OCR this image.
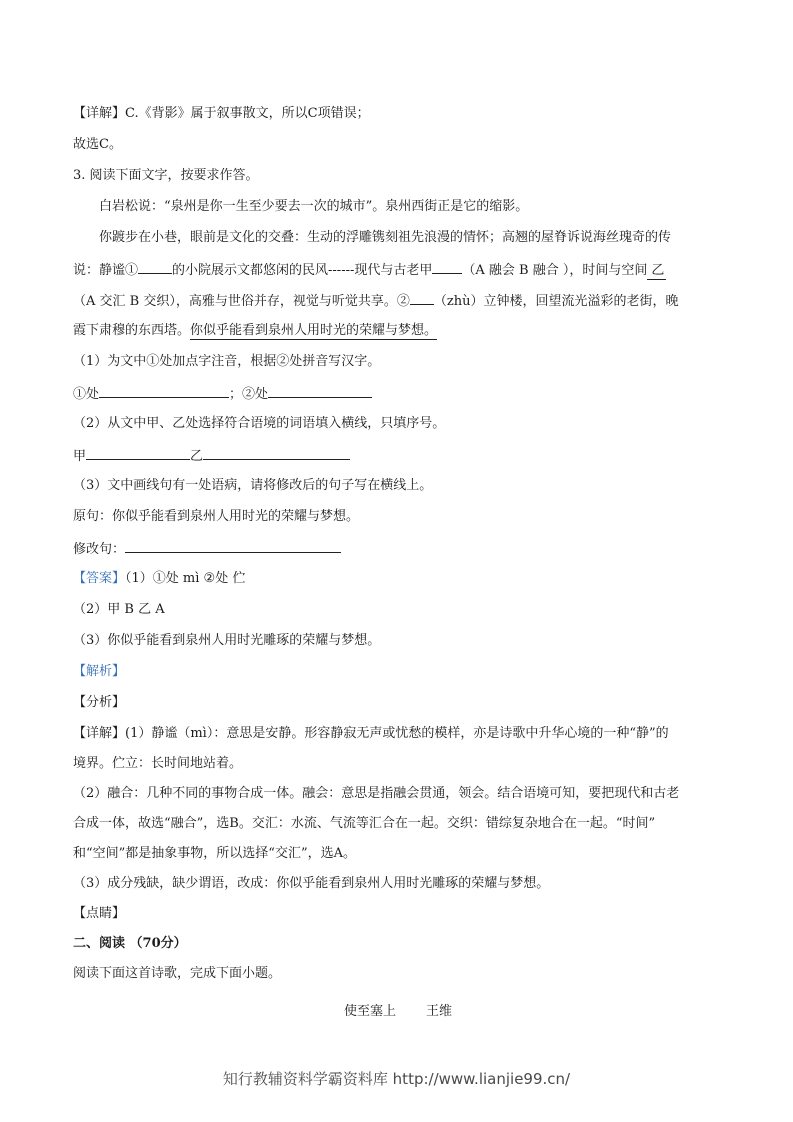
【详解】C.《背影》属于叙事散文，所以C项错误；
故选C。
3. 阅读下面文字，按要求作答。
白岩松说：“泉州是你一生至少要去一次的城市”。泉州西街正是它的缩影。
你踱步在小巷，眼前是文化的交叠：生动的浮雕镌刻祖先浪漫的情怀；高翘的屋脊诉说海丝瑰奇的传
说：静谧①	的小院展示文都悠闲的民风------现代与古老甲 （A 融会 B 融合 ），时间与空间 乙
（A 交汇 B 交织），高雅与世俗并存，视觉与听觉共享。② （zhù）立钟楼，回望流光溢彩的老街，晚
霞下肃穆的东西塔。你似乎能看到泉州人用时光的荣耀与梦想。
（1）为文中①处加点字注音，根据②处拼音写汉字。
①处	；②处
（2）从文中甲、乙处选择符合语境的词语填入横线，只填序号。
甲	乙
（3）文中画线句有一处语病，请将修改后的句子写在横线上。
原句：你似乎能看到泉州人用时光的荣耀与梦想。
修改句：
【答案】（1）①处 mì ②处 伫
（2）甲 B 乙 A
（3）你似乎能看到泉州人用时光雕琢的荣耀与梦想。
【解析】
【分析】
【详解】(1）静谧（mì）：意思是安静。形容静寂无声或忧愁的模样，亦是诗歌中升华心境的一种“静”的
境界。伫立：长时间地站着。
（2）融合：几种不同的事物合成一体。融会：意思是指融会贯通，领会。结合语境可知，要把现代和古老
合成一体，故选“融合”，选B。交汇：水流、气流等汇合在一起。交织：错综复杂地合在一起。“时间”
和“空间”都是抽象事物，所以选择“交汇”，选A。
（3）成分残缺，缺少谓语，改成：你似乎能看到泉州人用时光雕琢的荣耀与梦想。
【点睛】
二、阅读 （70分）
阅读下面这首诗歌，完成下面小题。
使至塞上 王维
知行教辅资料学霸资料库 http://www.lianjie99.cn/
